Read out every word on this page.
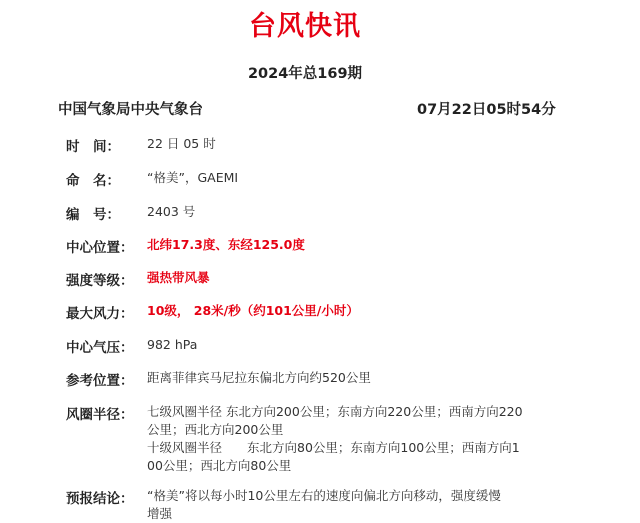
台风快讯
2024年总169期
中国气象局中央气象台	07月22日05时54分
时　间：	22 日 05 时
命　名：	“格美”，GAEMI
编　号：	2403 号
中心位置：	北纬17.3度、东经125.0度
强度等级：	强热带风暴
最大风力：	10级， 28米/秒（约101公里/小时）
中心气压：	982 hPa
参考位置：	距离菲律宾马尼拉东偏北方向约520公里
风圈半径：	七级风圈半径 东北方向200公里；东南方向220公里；西南方向220
公里；西北方向200公里
十级风圈半径　　东北方向80公里；东南方向100公里；西南方向1
00公里；西北方向80公里
预报结论：	“格美”将以每小时10公里左右的速度向偏北方向移动，强度缓慢
增强
